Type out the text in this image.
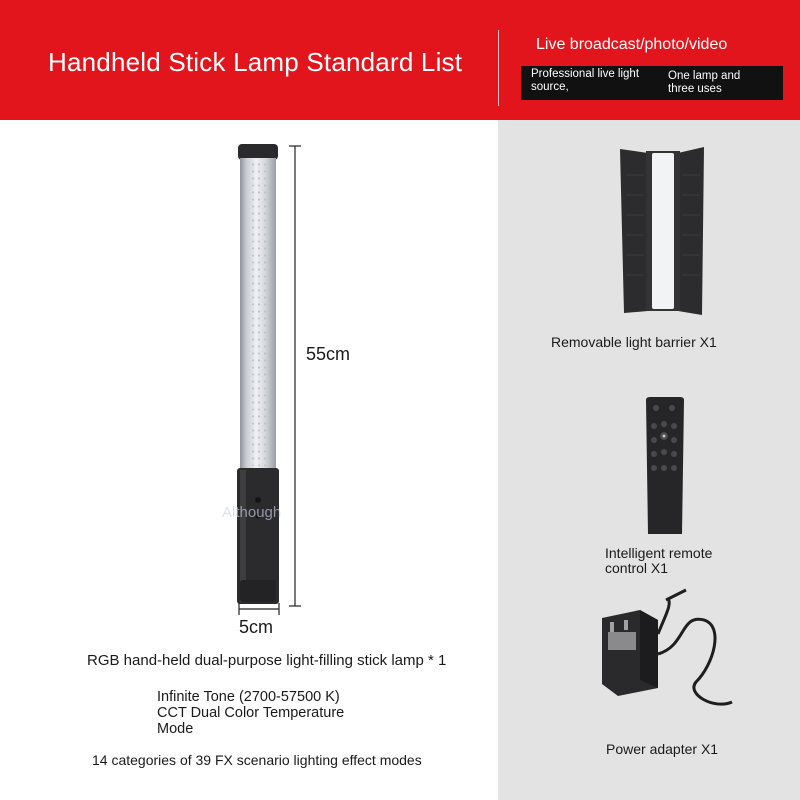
Handheld Stick Lamp Standard List
Live broadcast/photo/video
Professional live light source,
One lamp and three uses
55cm
5cm
Although
ft
RGB hand-held dual-purpose light-filling stick lamp * 1
Infinite Tone (2700-57500 K) CCT Dual Color Temperature Mode
14 categories of 39 FX scenario lighting effect modes
Removable light barrier X1
Intelligent remote control X1
Power adapter X1
